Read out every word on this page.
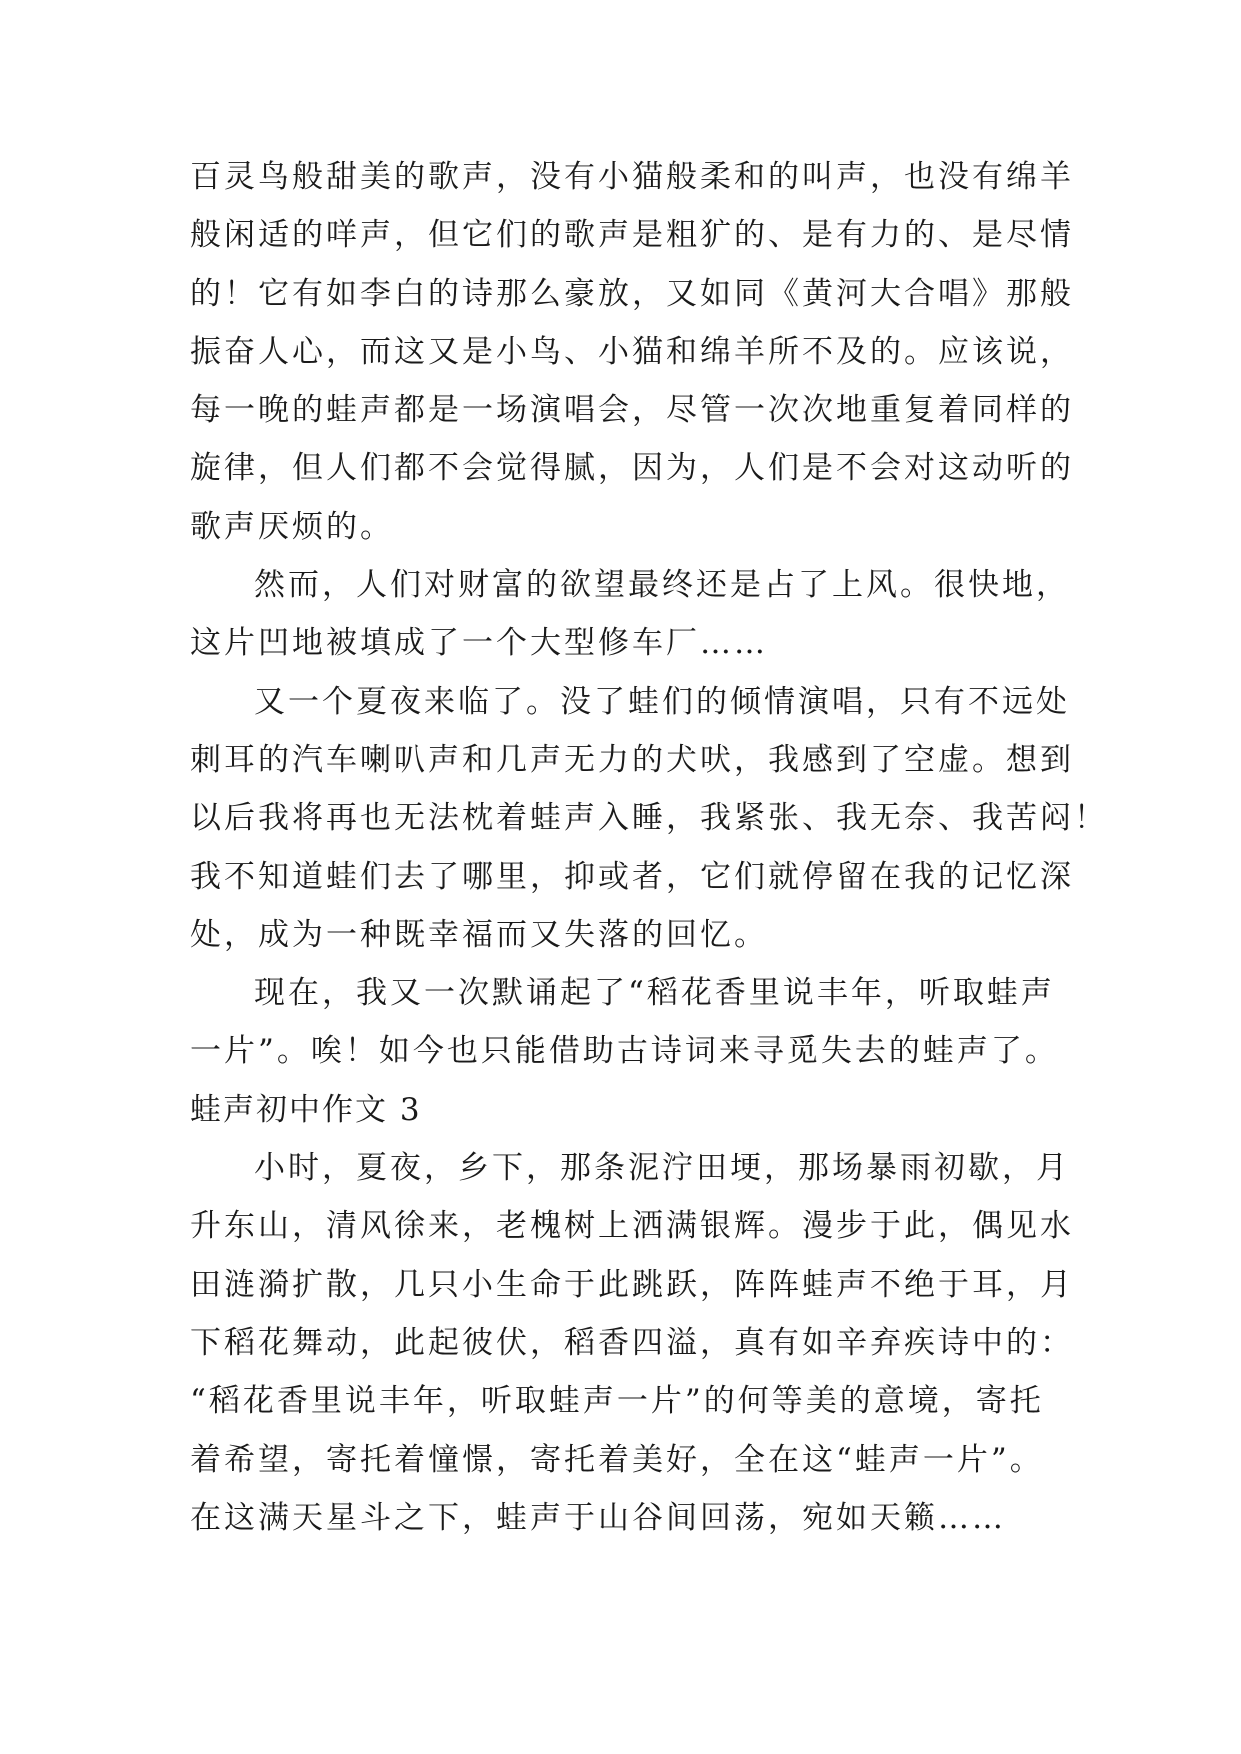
百灵鸟般甜美的歌声，没有小猫般柔和的叫声，也没有绵羊

般闲适的咩声，但它们的歌声是粗犷的、是有力的、是尽情

的！它有如李白的诗那么豪放，又如同《黄河大合唱》那般

振奋人心，而这又是小鸟、小猫和绵羊所不及的。应该说，

每一晚的蛙声都是一场演唱会，尽管一次次地重复着同样的

旋律，但人们都不会觉得腻，因为，人们是不会对这动听的

歌声厌烦的。

然而，人们对财富的欲望最终还是占了上风。很快地，

这片凹地被填成了一个大型修车厂……

又一个夏夜来临了。没了蛙们的倾情演唱，只有不远处

刺耳的汽车喇叭声和几声无力的犬吠，我感到了空虚。想到

以后我将再也无法枕着蛙声入睡，我紧张、我无奈、我苦闷！

我不知道蛙们去了哪里，抑或者，它们就停留在我的记忆深

处，成为一种既幸福而又失落的回忆。

现在，我又一次默诵起了“稻花香里说丰年，听取蛙声

一片”。唉！如今也只能借助古诗词来寻觅失去的蛙声了。

蛙声初中作文 3

小时，夏夜，乡下，那条泥泞田埂，那场暴雨初歇，月

升东山，清风徐来，老槐树上洒满银辉。漫步于此，偶见水

田涟漪扩散，几只小生命于此跳跃，阵阵蛙声不绝于耳，月

下稻花舞动，此起彼伏，稻香四溢，真有如辛弃疾诗中的：

“稻花香里说丰年，听取蛙声一片”的何等美的意境，寄托

着希望，寄托着憧憬，寄托着美好，全在这“蛙声一片”。

在这满天星斗之下，蛙声于山谷间回荡，宛如天籁……
